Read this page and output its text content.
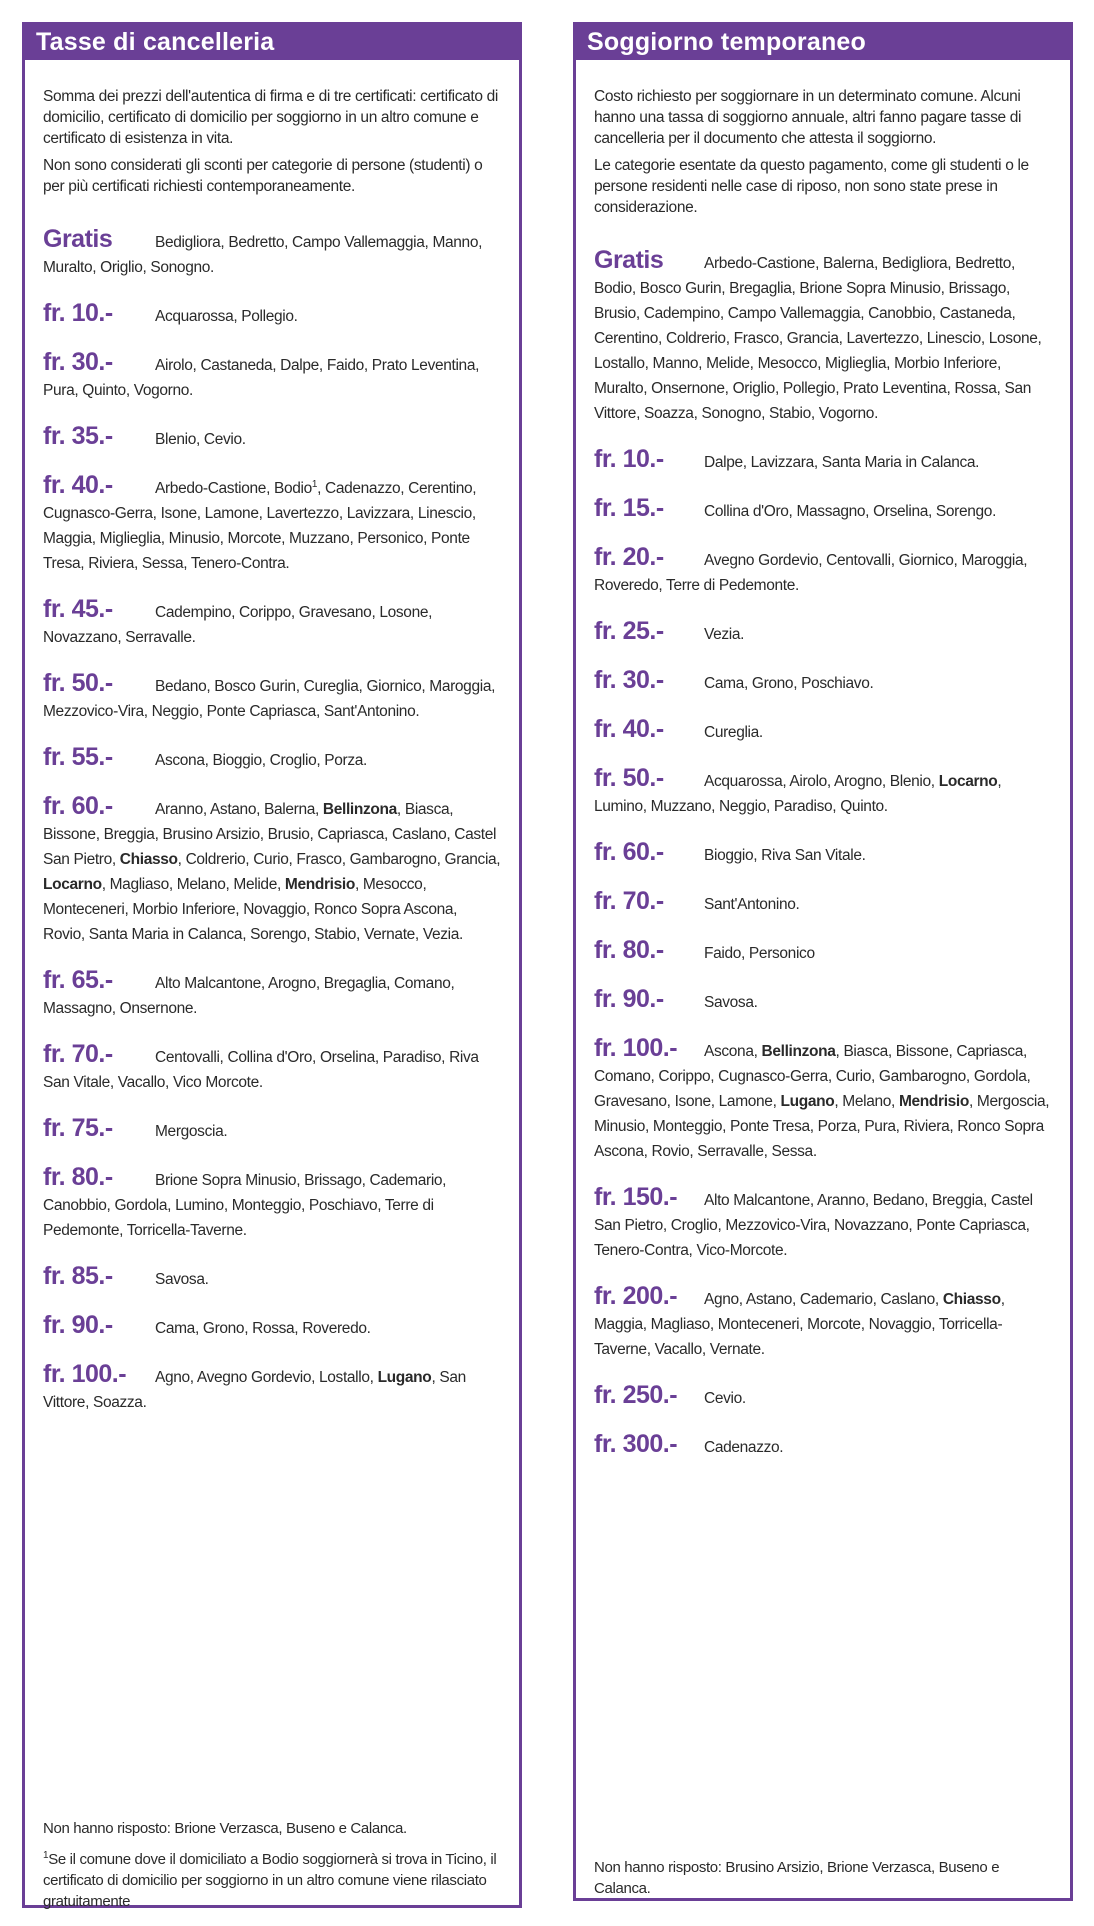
Tasse di cancelleria

Somma dei prezzi dell'autentica di firma e di tre certificati: certificato di domicilio, certificato di domicilio per soggiorno in un altro comune e certificato di esistenza in vita.

Non sono considerati gli sconti per categorie di persone (studenti) o per più certificati richiesti contemporaneamente.

Gratis	Bedigliora, Bedretto, Campo Vallemaggia, Manno, Muralto, Origlio, Sonogno.
fr. 10.-	Acquarossa, Pollegio.
fr. 30.-	Airolo, Castaneda, Dalpe, Faido, Prato Leventina, Pura, Quinto, Vogorno.
fr. 35.-	Blenio, Cevio.
fr. 40.-	Arbedo-Castione, Bodio$^1$, Cadenazzo, Cerentino, Cugnasco-Gerra, Isone, Lamone, Lavertezzo, Lavizzara, Linescio, Maggia, Miglieglia, Minusio, Morcote, Muzzano, Personico, Ponte Tresa, Riviera, Sessa, Tenero-Contra.
fr. 45.-	Cadempino, Corippo, Gravesano, Losone, Novazzano, Serravalle.
fr. 50.-	Bedano, Bosco Gurin, Cureglia, Giornico, Maroggia, Mezzovico-Vira, Neggio, Ponte Capriasca, Sant'Antonino.
fr. 55.-	Ascona, Bioggio, Croglio, Porza.
fr. 60.-	Aranno, Astano, Balerna, Bellinzona, Biasca, Bissone, Breggia, Brusino Arsizio, Brusio, Capriasca, Caslano, Castel San Pietro, Chiasso, Coldrerio, Curio, Frasco, Gambarogno, Grancia, Locarno, Magliaso, Melano, Melide, Mendrisio, Mesocco, Monteceneri, Morbio Inferiore, Novaggio, Ronco Sopra Ascona, Rovio, Santa Maria in Calanca, Sorengo, Stabio, Vernate, Vezia.
fr. 65.-	Alto Malcantone, Arogno, Bregaglia, Comano, Massagno, Onsernone.
fr. 70.-	Centovalli, Collina d'Oro, Orselina, Paradiso, Riva San Vitale, Vacallo, Vico Morcote.
fr. 75.-	Mergoscia.
fr. 80.-	Brione Sopra Minusio, Brissago, Cademario, Canobbio, Gordola, Lumino, Monteggio, Poschiavo, Terre di Pedemonte, Torricella-Taverne.
fr. 85.-	Savosa.
fr. 90.-	Cama, Grono, Rossa, Roveredo.
fr. 100.- Agno, Avegno Gordevio, Lostallo, Lugano, San Vittore, Soazza.

Non hanno risposto: Brione Verzasca, Buseno e Calanca.

$^1$Se il comune dove il domiciliato a Bodio soggiornerà si trova in Ticino, il certificato di domicilio per soggiorno in un altro comune viene rilasciato gratuitamente

Soggiorno temporaneo

Costo richiesto per soggiornare in un determinato comune. Alcuni hanno una tassa di soggiorno annuale, altri fanno pagare tasse di cancelleria per il documento che attesta il soggiorno.

Le categorie esentate da questo pagamento, come gli studenti o le persone residenti nelle case di riposo, non sono state prese in considerazione.

Gratis	Arbedo-Castione, Balerna, Bedigliora, Bedretto, Bodio, Bosco Gurin, Bregaglia, Brione Sopra Minusio, Brissago, Brusio, Cadempino, Campo Vallemaggia, Canobbio, Castaneda, Cerentino, Coldrerio, Frasco, Grancia, Lavertezzo, Linescio, Losone, Lostallo, Manno, Melide, Mesocco, Miglieglia, Morbio Inferiore, Muralto, Onsernone, Origlio, Pollegio, Prato Leventina, Rossa, San Vittore, Soazza, Sonogno, Stabio, Vogorno.
fr. 10.-	Dalpe, Lavizzara, Santa Maria in Calanca.
fr. 15.-	Collina d'Oro, Massagno, Orselina, Sorengo.
fr. 20.-	Avegno Gordevio, Centovalli, Giornico, Maroggia, Roveredo, Terre di Pedemonte.
fr. 25.-	Vezia.
fr. 30.-	Cama, Grono, Poschiavo.
fr. 40.-	Cureglia.
fr. 50.-	Acquarossa, Airolo, Arogno, Blenio, Locarno, Lumino, Muzzano, Neggio, Paradiso, Quinto.
fr. 60.-	Bioggio, Riva San Vitale.
fr. 70.-	Sant'Antonino.
fr. 80.-	Faido, Personico
fr. 90.-	Savosa.
fr. 100.- Ascona, Bellinzona, Biasca, Bissone, Capriasca, Comano, Corippo, Cugnasco-Gerra, Curio, Gambarogno, Gordola, Gravesano, Isone, Lamone, Lugano, Melano, Mendrisio, Mergoscia, Minusio, Monteggio, Ponte Tresa, Porza, Pura, Riviera, Ronco Sopra Ascona, Rovio, Serravalle, Sessa.
fr. 150.- Alto Malcantone, Aranno, Bedano, Breggia, Castel San Pietro, Croglio, Mezzovico-Vira, Novazzano, Ponte Capriasca, Tenero-Contra, Vico-Morcote.
fr. 200.- Agno, Astano, Cademario, Caslano, Chiasso, Maggia, Magliaso, Monteceneri, Morcote, Novaggio, Torricella-Taverne, Vacallo, Vernate.
fr. 250.- Cevio.
fr. 300.- Cadenazzo.

Non hanno risposto: Brusino Arsizio, Brione Verzasca, Buseno e Calanca.
